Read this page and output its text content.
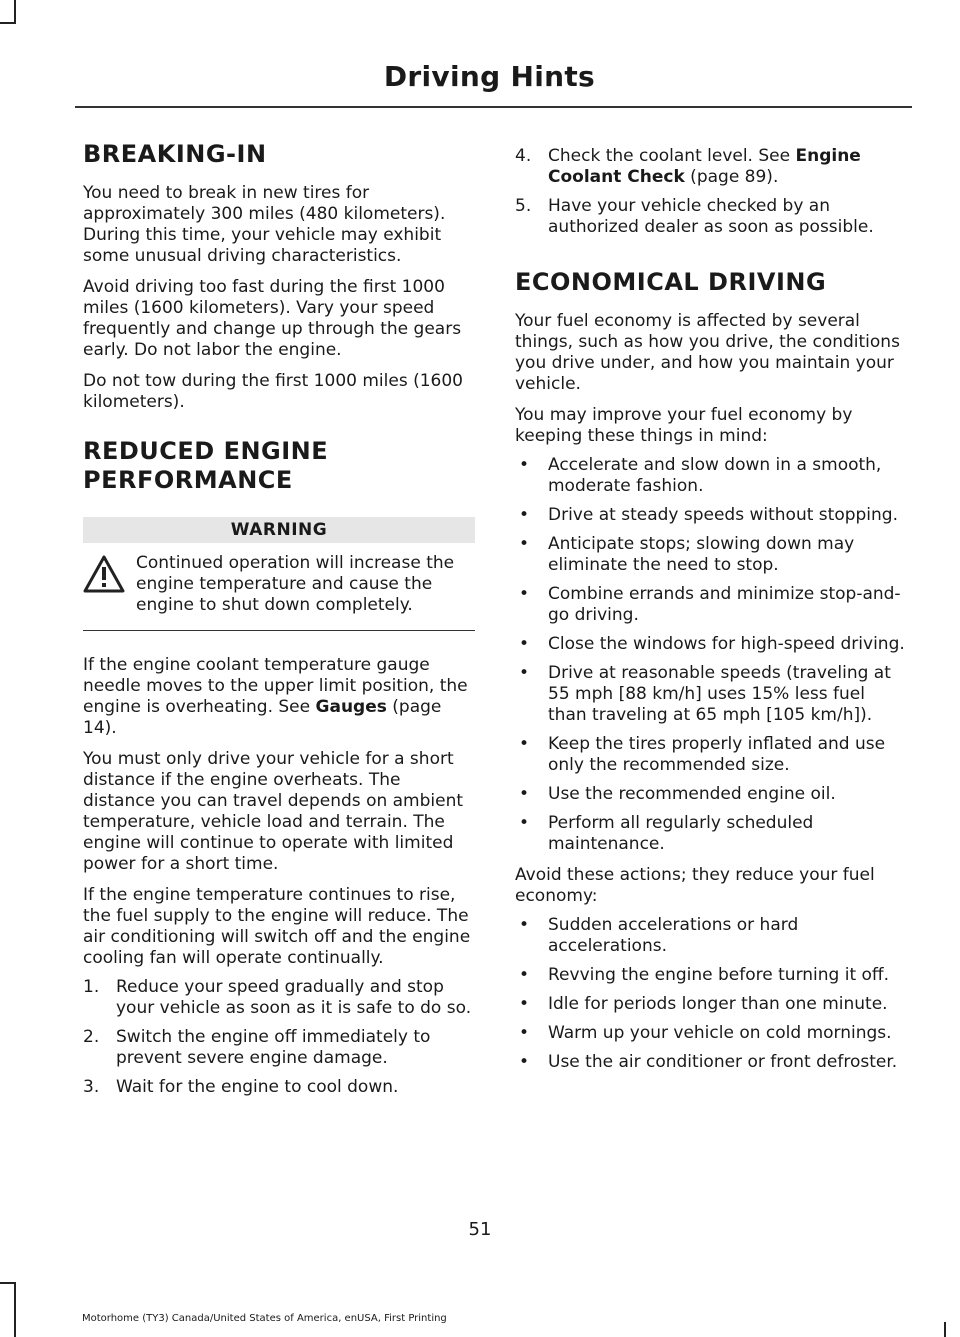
Driving Hints
BREAKING-IN

You need to break in new tires for approximately 300 miles (480 kilometers). During this time, your vehicle may exhibit some unusual driving characteristics.

Avoid driving too fast during the first 1000 miles (1600 kilometers). Vary your speed frequently and change up through the gears early. Do not labor the engine.

Do not tow during the first 1000 miles (1600 kilometers).

REDUCED ENGINE
PERFORMANCE
WARNING

Continued operation will increase the engine temperature and cause the engine to shut down completely.

If the engine coolant temperature gauge needle moves to the upper limit position, the engine is overheating. See Gauges (page 14).

You must only drive your vehicle for a short distance if the engine overheats. The distance you can travel depends on ambient temperature, vehicle load and terrain. The engine will continue to operate with limited power for a short time.

If the engine temperature continues to rise, the fuel supply to the engine will reduce. The air conditioning will switch off and the engine cooling fan will operate continually.

1. Reduce your speed gradually and stop your vehicle as soon as it is safe to do so.
2. Switch the engine off immediately to prevent severe engine damage.
3. Wait for the engine to cool down.
4. Check the coolant level. See Engine Coolant Check (page 89).
5. Have your vehicle checked by an authorized dealer as soon as possible.
ECONOMICAL DRIVING

Your fuel economy is affected by several things, such as how you drive, the conditions you drive under, and how you maintain your vehicle.

You may improve your fuel economy by keeping these things in mind:

•	Accelerate and slow down in a smooth, moderate fashion.
•	Drive at steady speeds without stopping.
•	Anticipate stops; slowing down may eliminate the need to stop.
•	Combine errands and minimize stop-and-go driving.
•	Close the windows for high-speed driving.
•	Drive at reasonable speeds (traveling at 55 mph [88 km/h] uses 15% less fuel than traveling at 65 mph [105 km/h]).
•	Keep the tires properly inflated and use only the recommended size.
•	Use the recommended engine oil.
•	Perform all regularly scheduled maintenance.

Avoid these actions; they reduce your fuel economy:

•	Sudden accelerations or hard accelerations.
•	Revving the engine before turning it off.
•	Idle for periods longer than one minute.
•	Warm up your vehicle on cold mornings.
•	Use the air conditioner or front defroster.
51
Motorhome (TY3) Canada/United States of America, enUSA, First Printing
